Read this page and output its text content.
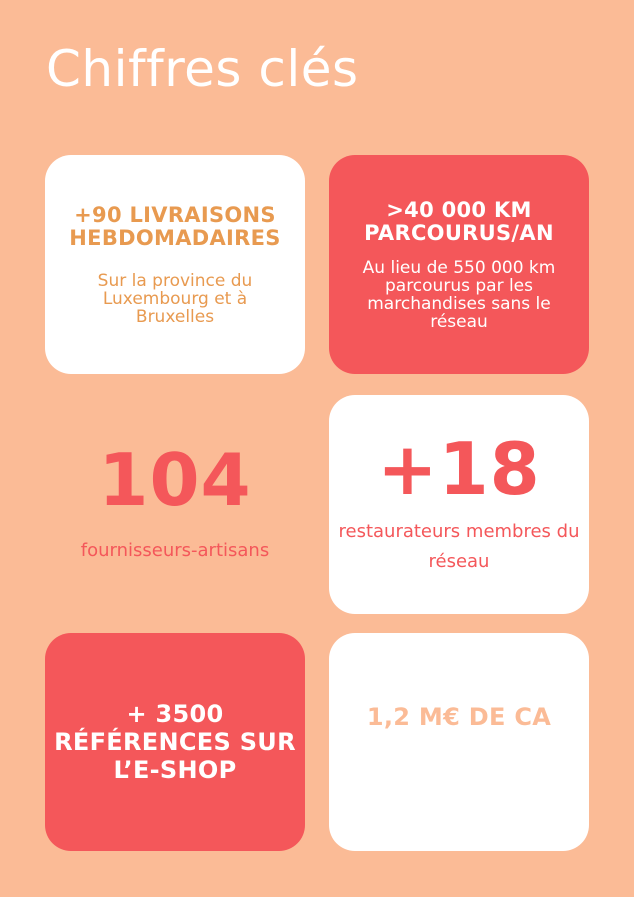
Chiffres clés
+90 LIVRAISONS HEBDOMADAIRES
Sur la province du Luxembourg et à Bruxelles
>40 000 KM PARCOURUS/AN
Au lieu de 550 000 km parcourus par les marchandises sans le réseau
104
fournisseurs-artisans
+18
restaurateurs membres du réseau
+ 3500 RÉFÉRENCES SUR L’E-SHOP
1,2 M€ DE CA
